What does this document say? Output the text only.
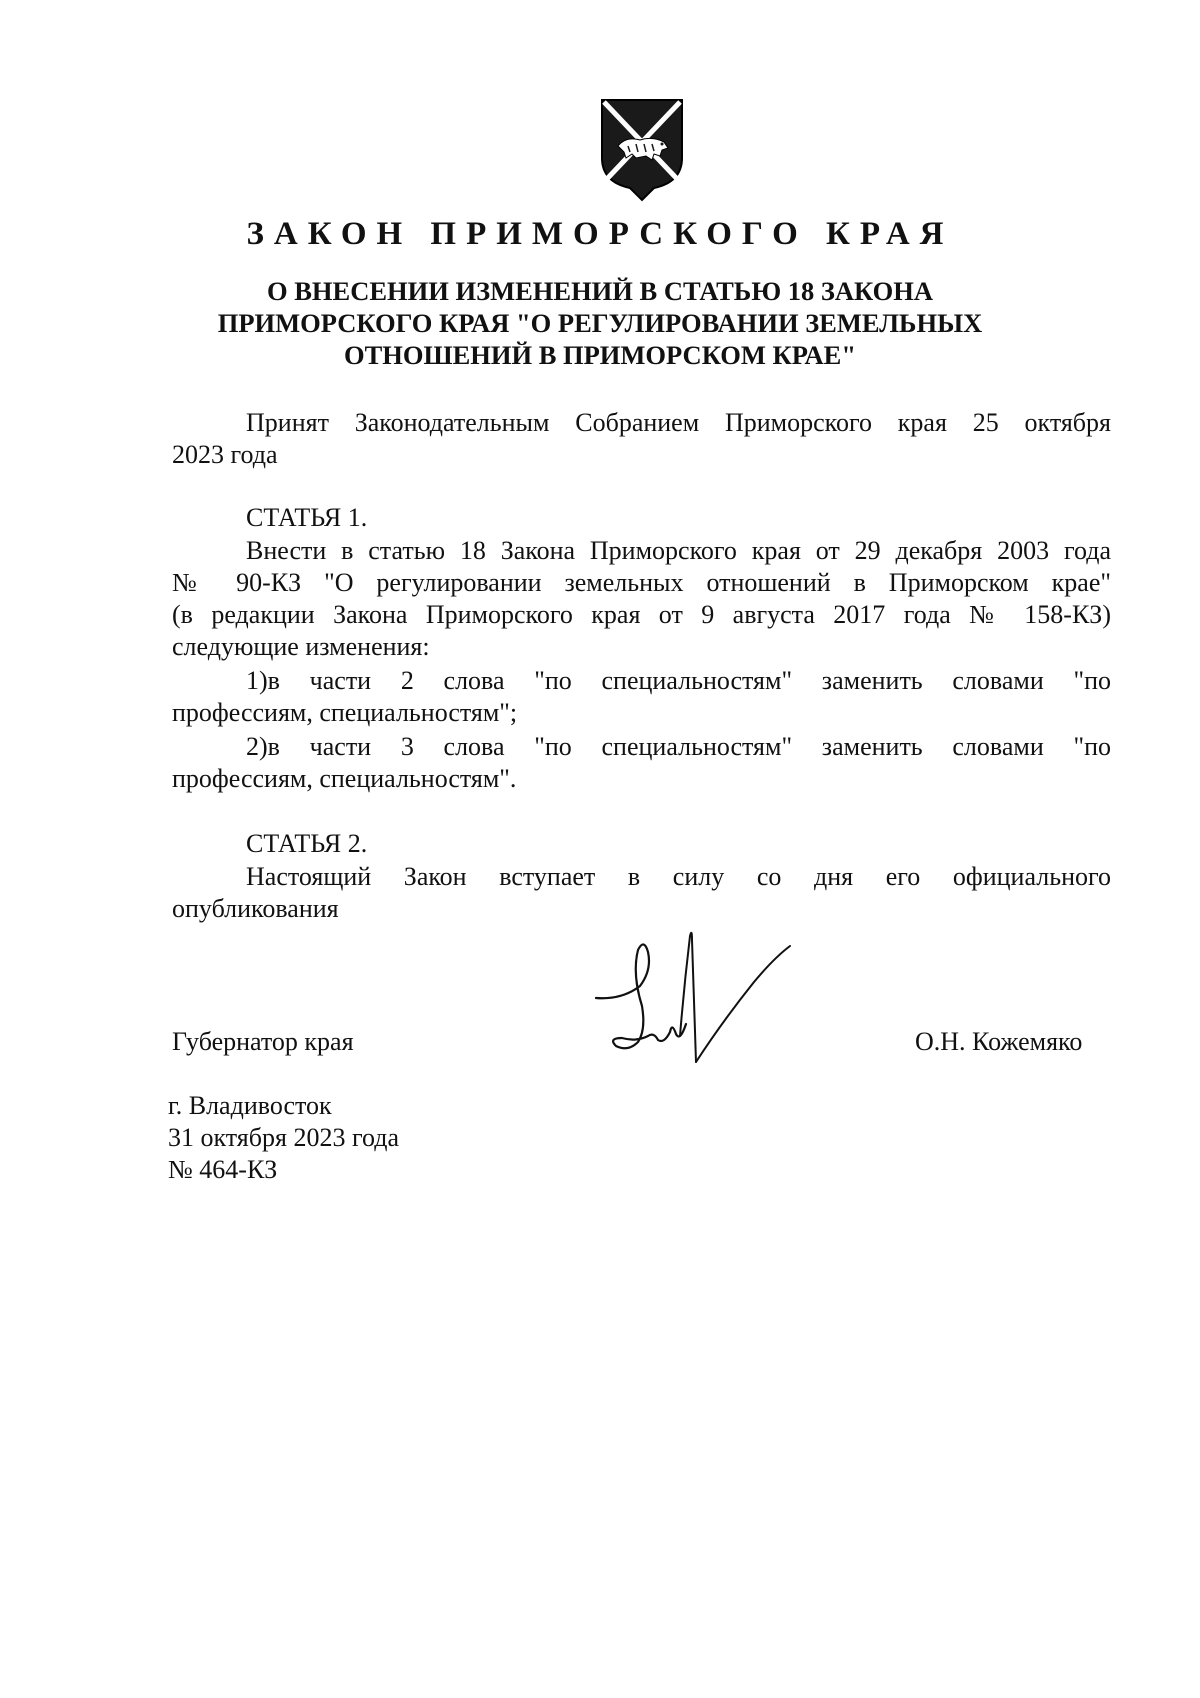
ЗАКОН ПРИМОРСКОГО КРАЯ
О ВНЕСЕНИИ ИЗМЕНЕНИЙ В СТАТЬЮ 18 ЗАКОНА
ПРИМОРСКОГО КРАЯ "О РЕГУЛИРОВАНИИ ЗЕМЕЛЬНЫХ
ОТНОШЕНИЙ В ПРИМОРСКОМ КРАЕ"
Принят Законодательным Собранием Приморского края 25 октября
2023 года
СТАТЬЯ 1.
Внести в статью 18 Закона Приморского края от 29 декабря 2003 года
№ 90-КЗ "О регулировании земельных отношений в Приморском крае"
(в редакции Закона Приморского края от 9 августа 2017 года № 158-КЗ)
следующие изменения:
1)в части 2 слова "по специальностям" заменить словами "по
профессиям, специальностям";
2)в части 3 слова "по специальностям" заменить словами "по
профессиям, специальностям".
СТАТЬЯ 2.
Настоящий Закон вступает в силу со дня его официального
опубликования
Губернатор края	О.Н. Кожемяко
г. Владивосток
31 октября 2023 года
№ 464-КЗ
